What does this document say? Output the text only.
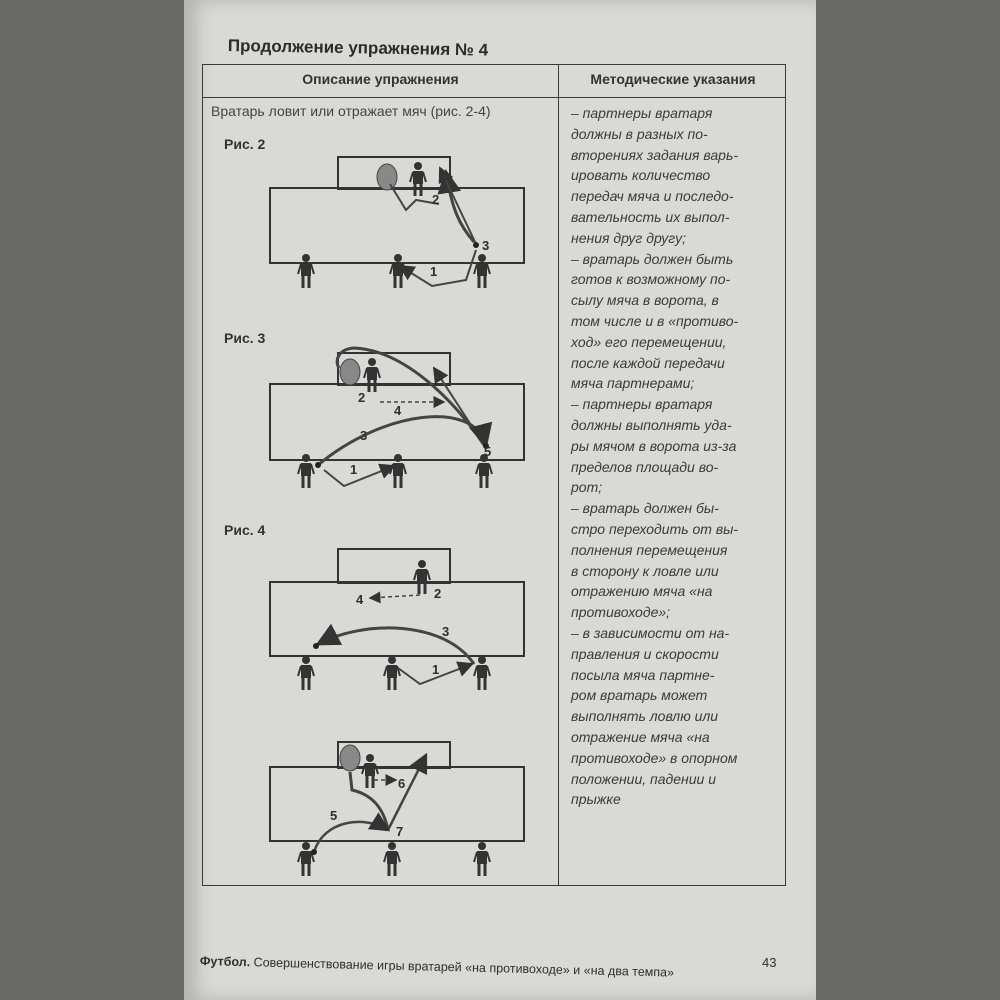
Продолжение упражнения № 4
Описание упражнения	Методические указания
Вратарь ловит или отражает мяч (рис. 2-4)	– партнеры вратаря
должны в разных по-
вторениях задания варь-
ировать количество
передач мяча и последо-
вательность их выпол-
нения друг другу;
– вратарь должен быть
готов к возможному по-
сылу мяча в ворота, в
том числе и в «противо-
ход» его перемещении,
после каждой передачи
мяча партнерами;
– партнеры вратаря
должны выполнять уда-
ры мячом в ворота из-за
пределов площади во-
рот;
– вратарь должен бы-
стро переходить от вы-
полнения перемещения
в сторону к ловле или
отражению мяча «на
противоходе»;
– в зависимости от на-
правления и скорости
посыла мяча партне-
ром вратарь может
выполнять ловлю или
отражение мяча «на
противоходе» в опорном
положении, падении и
прыжке
Рис. 2
Рис. 3
Рис. 4
2
3
1
2
4
3
5
1
4	2
3
1
6
5
7
Футбол. Совершенствование игры вратарей «на противоходе» и «на два темпа»	43
